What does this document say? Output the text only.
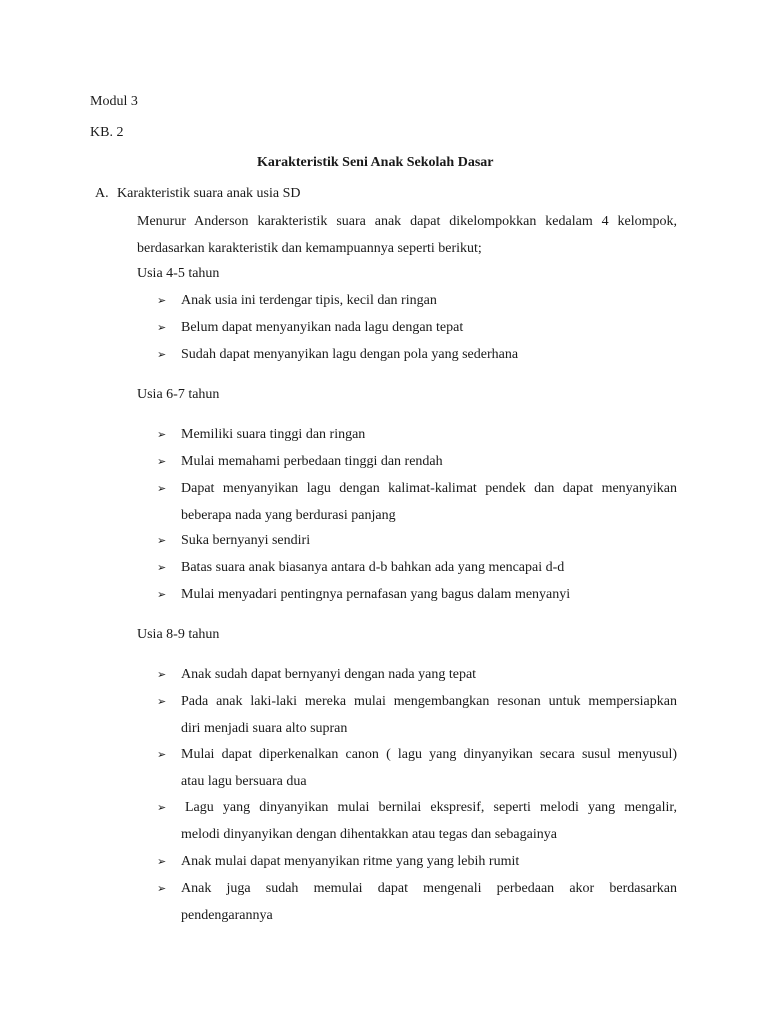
Modul 3
KB. 2
Karakteristik Seni Anak Sekolah Dasar
A. Karakteristik suara anak usia SD
Menurur Anderson karakteristik suara anak dapat dikelompokkan kedalam 4 kelompok,
berdasarkan karakteristik dan kemampuannya seperti berikut;
Usia 4-5 tahun
➢ Anak usia ini terdengar tipis, kecil dan ringan
➢ Belum dapat menyanyikan nada lagu dengan tepat
➢ Sudah dapat menyanyikan lagu dengan pola yang sederhana
Usia 6-7 tahun
➢ Memiliki suara tinggi dan ringan
➢ Mulai memahami perbedaan tinggi dan rendah
➢ Dapat menyanyikan lagu dengan kalimat-kalimat pendek dan dapat menyanyikan
beberapa nada yang berdurasi panjang
➢ Suka bernyanyi sendiri
➢ Batas suara anak biasanya antara d-b bahkan ada yang mencapai d-d
➢ Mulai menyadari pentingnya pernafasan yang bagus dalam menyanyi
Usia 8-9 tahun
➢ Anak sudah dapat bernyanyi dengan nada yang tepat
➢ Pada anak laki-laki mereka mulai mengembangkan resonan untuk mempersiapkan
diri menjadi suara alto supran
➢ Mulai dapat diperkenalkan canon ( lagu yang dinyanyikan secara susul menyusul)
atau lagu bersuara dua
➢ Lagu yang dinyanyikan mulai bernilai ekspresif, seperti melodi yang mengalir,
melodi dinyanyikan dengan dihentakkan atau tegas dan sebagainya
➢ Anak mulai dapat menyanyikan ritme yang yang lebih rumit
➢ Anak juga sudah memulai dapat mengenali perbedaan akor berdasarkan
pendengarannya
